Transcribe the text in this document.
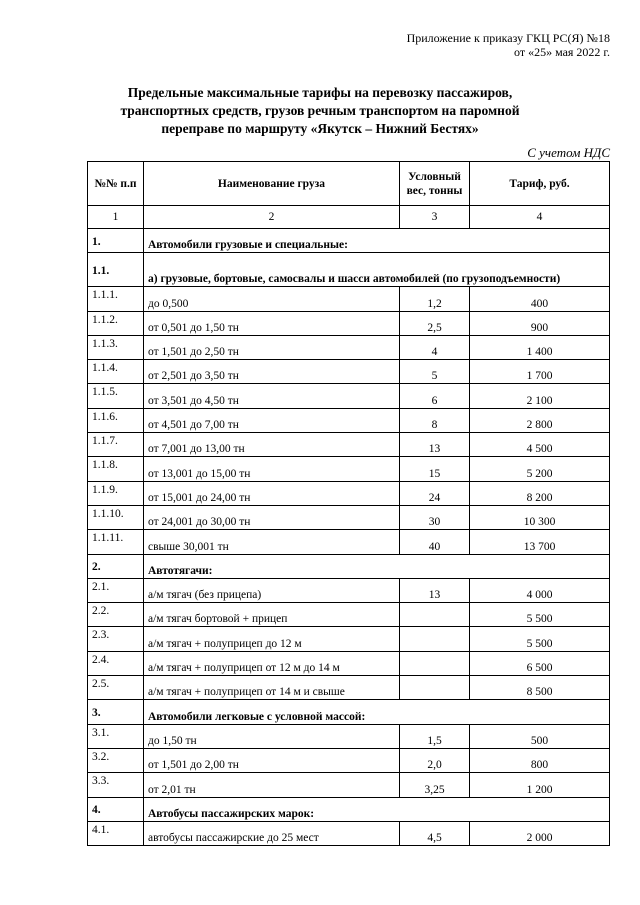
Приложение к приказу ГКЦ РС(Я) №18
от «25» мая 2022 г.
Предельные максимальные тарифы на перевозку пассажиров, транспортных средств, грузов речным транспортом на паромной переправе по маршруту «Якутск – Нижний Бестях»
С учетом НДС
№№ п.п	Наименование груза	Условный вес, тонны	Тариф, руб.
1	2	3	4
1.	Автомобили грузовые и специальные:		
1.1.	а) грузовые, бортовые, самосвалы и шасси автомобилей (по грузоподъемности)		
1.1.1.	до 0,500	1,2	400
1.1.2.	от 0,501 до 1,50 тн	2,5	900
1.1.3.	от 1,501 до 2,50 тн	4	1 400
1.1.4.	от 2,501 до 3,50 тн	5	1 700
1.1.5.	от 3,501 до 4,50 тн	6	2 100
1.1.6.	от 4,501 до 7,00 тн	8	2 800
1.1.7.	от 7,001 до 13,00 тн	13	4 500
1.1.8.	от 13,001 до 15,00 тн	15	5 200
1.1.9.	от 15,001 до 24,00 тн	24	8 200
1.1.10.	от 24,001 до 30,00 тн	30	10 300
1.1.11.	свыше 30,001 тн	40	13 700
2.	Автотягачи:		
2.1.	а/м тягач (без прицепа)	13	4 000
2.2.	а/м тягач бортовой + прицеп		5 500
2.3.	а/м тягач + полуприцеп до 12 м		5 500
2.4.	а/м тягач + полуприцеп от 12 м до 14 м		6 500
2.5.	а/м тягач + полуприцеп от 14 м и свыше		8 500
3.	Автомобили легковые с условной массой:		
3.1.	до 1,50 тн	1,5	500
3.2.	от 1,501 до 2,00 тн	2,0	800
3.3.	от 2,01 тн	3,25	1 200
4.	Автобусы пассажирских марок:		
4.1.	автобусы пассажирские до 25 мест	4,5	2 000
